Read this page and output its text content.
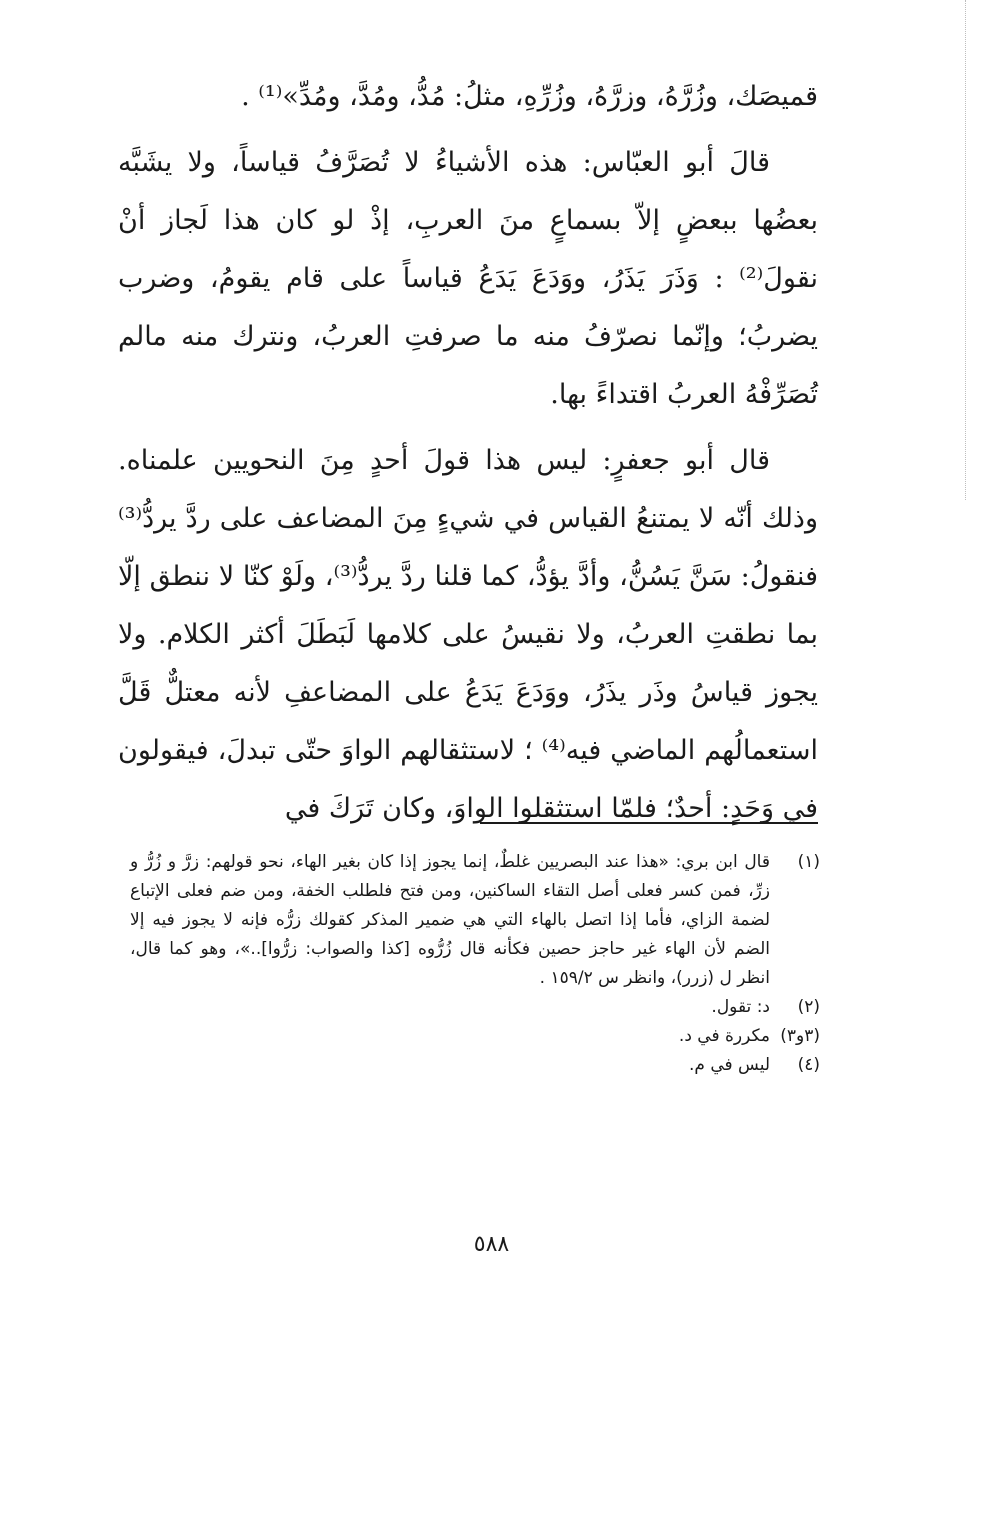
قميصَك، وزُرَّهُ، وزرَّهُ، وزُرِّهِ، مثلُ: مُدُّ، ومُدَّ، ومُدِّ»⁽¹⁾ .

قالَ أبو العبّاس: هذه الأشياءُ لا تُصَرَّفُ قياساً، ولا يشَبَّه بعضُها ببعضٍ إلاّ بسماعٍ منَ العربِ، إذْ لو كان هذا لَجاز أنْ نقولَ⁽²⁾ : وَذَرَ يَذَرُ، ووَدَعَ يَدَعُ قياساً على قام يقومُ، وضرب يضربُ؛ وإنّما نصرّفُ منه ما صرفتِ العربُ، ونترك منه مالم تُصَرِّفْهُ العربُ اقتداءً بها.

قال أبو جعفرٍ: ليس هذا قولَ أحدٍ مِنَ النحويين علمناه. وذلك أنّه لا يمتنعُ القياس في شيءٍ مِنَ المضاعف على ردَّ يردُّ⁽³⁾ فنقولُ: سَنَّ يَسُنُّ، وأدَّ يؤدُّ، كما قلنا ردَّ يردُّ⁽³⁾، ولَوْ كنّا لا ننطق إلّا بما نطقتِ العربُ، ولا نقيسُ على كلامها لَبَطَلَ أكثر الكلام. ولا يجوز قياسُ وذَر يذَرُ، ووَدَعَ يَدَعُ على المضاعفِ لأنه معتلٌّ قَلَّ استعمالُهم الماضي فيه⁽⁴⁾ ؛ لاستثقالهم الواوَ حتّى تبدلَ، فيقولون في وَحَدٍ: أحدٌ؛ فلمّا استثقلوا الواوَ، وكان تَرَكَ في

(١)
قال ابن بري: «هذا عند البصريين غلطٌ، إنما يجوز إذا كان بغير الهاء، نحو قولهم: زرَّ و زُرُّ و زرِّ، فمن كسر فعلى أصل التقاء الساكنين، ومن فتح فلطلب الخفة، ومن ضم فعلى الإتباع لضمة الزاي، فأما إذا اتصل بالهاء التي هي ضمير المذكر كقولك زرُّه فإنه لا يجوز فيه إلا الضم لأن الهاء غير حاجز حصين فكأنه قال زُرُّوه [كذا والصواب: زرُّوا]..»، وهو كما قال، انظر ل (زرر)، وانظر س ١٥٩/٢ .
(٢)
د: تقول.
(٣و٣)
مكررة في د.
(٤)
ليس في م.
٥٨٨
